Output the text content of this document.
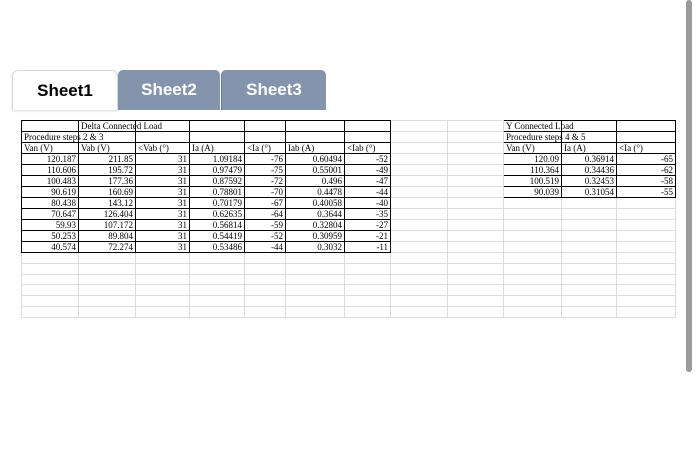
Sheet1	Sheet2	Sheet3
	Delta Connected Load								Y Connected Load		
Procedure steps 2 & 3									Procedure steps 4 & 5		
Van (V)	Vab (V)	<Vab (°)	Ia (A)	<Ia (°)	Iab (A)	<Iab (°)			Van (V)	Ia (A)	<Ia (°)
120.187	211.85	31	1.09184	-76	0.60494	-52			120.09	0.36914	-65
110.606	195.72	31	0.97479	-75	0.55001	-49			110.364	0.34436	-62
100.483	177.36	31	0.87592	-72	0.496	-47			100.519	0.32453	-58
90.619	160.69	31	0.78801	-70	0.4478	-44			90.039	0.31054	-55
80.438	143.12	31	0.70179	-67	0.40058	-40					
70.647	126.404	31	0.62635	-64	0.3644	-35					
59.93	107.172	31	0.56814	-59	0.32804	-27					
50.253	89.804	31	0.54419	-52	0.30959	-21					
40.574	72.274	31	0.53486	-44	0.3032	-11					
